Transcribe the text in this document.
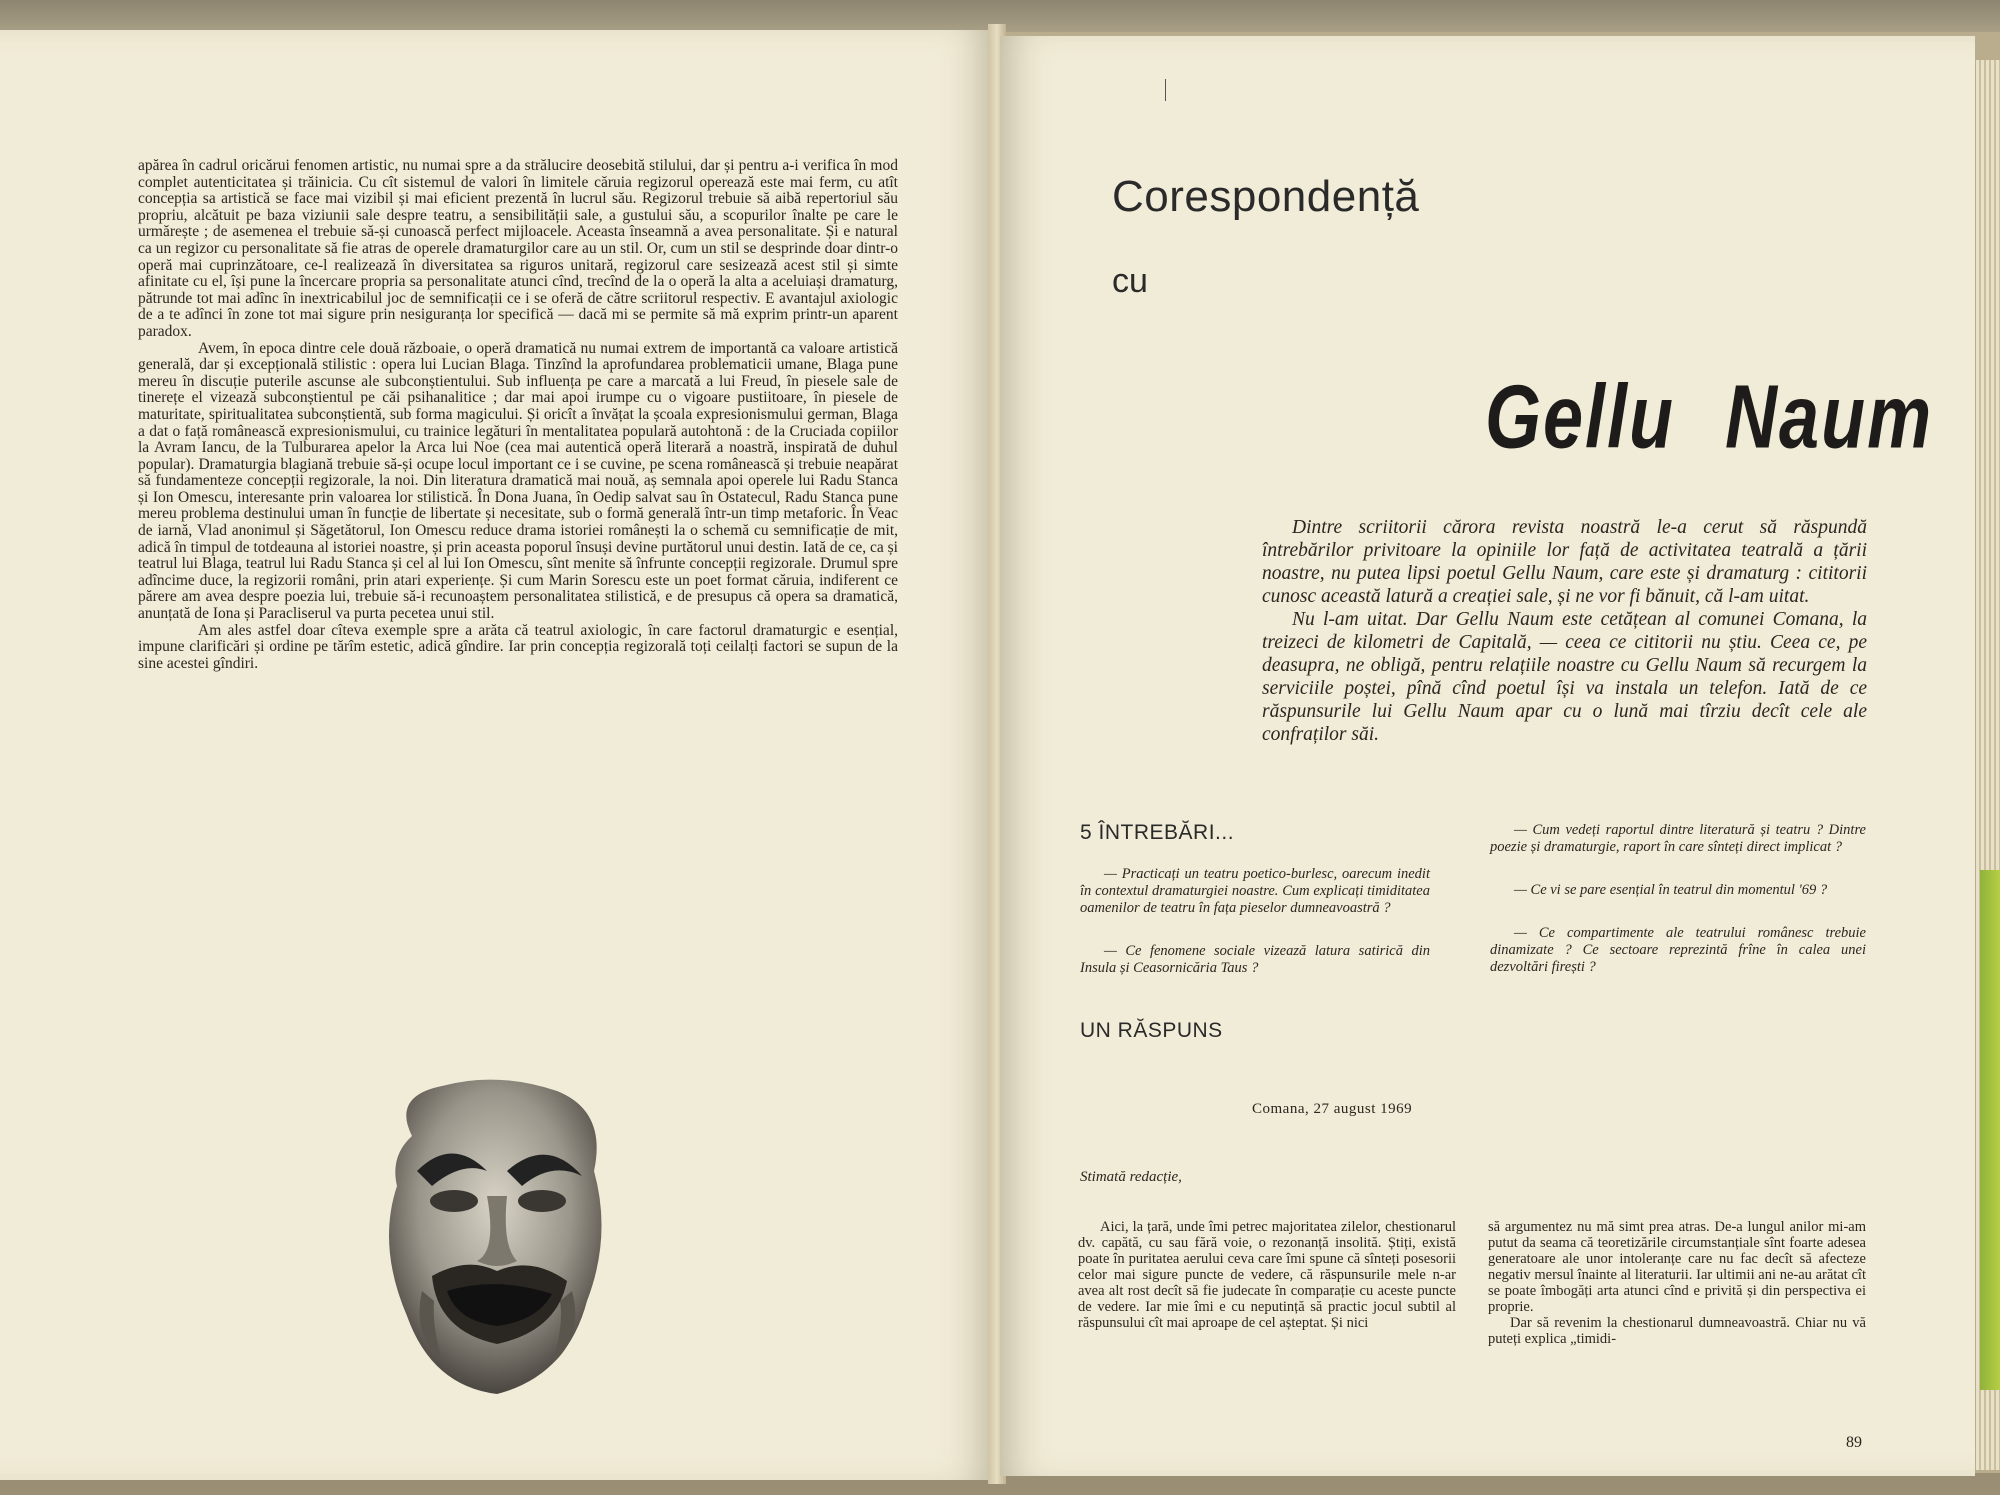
apărea în cadrul oricărui fenomen artistic, nu numai spre a da strălucire deosebită stilului, dar și pentru a-i verifica în mod complet autenticitatea și trăinicia. Cu cît sistemul de valori în limitele căruia regizorul operează este mai ferm, cu atît concepția sa artistică se face mai vizibil și mai eficient prezentă în lucrul său. Regizorul trebuie să aibă repertoriul său propriu, alcătuit pe baza viziunii sale despre teatru, a sensibilității sale, a gustului său, a scopurilor înalte pe care le urmărește ; de asemenea el trebuie să-și cunoască perfect mijloacele. Aceasta înseamnă a avea personalitate. Și e natural ca un regizor cu personalitate să fie atras de operele dramaturgilor care au un stil. Or, cum un stil se desprinde doar dintr-o operă mai cuprinzătoare, ce-l realizează în diversitatea sa riguros unitară, regizorul care sesizează acest stil și simte afinitate cu el, își pune la încercare propria sa personalitate atunci cînd, trecînd de la o operă la alta a aceluiași dramaturg, pătrunde tot mai adînc în inextricabilul joc de semnificații ce i se oferă de către scriitorul respectiv. E avantajul axiologic de a te adînci în zone tot mai sigure prin nesiguranța lor specifică — dacă mi se permite să mă exprim printr-un aparent paradox.

Avem, în epoca dintre cele două războaie, o operă dramatică nu numai extrem de importantă ca valoare artistică generală, dar și excepțională stilistic : opera lui Lucian Blaga. Tinzînd la aprofundarea problematicii umane, Blaga pune mereu în discuție puterile ascunse ale subconștientului. Sub influența pe care a marcată a lui Freud, în piesele sale de tinerețe el vizează subconștientul pe căi psihanalitice ; dar mai apoi irumpe cu o vigoare pustiitoare, în piesele de maturitate, spiritualitatea subconștientă, sub forma magicului. Și oricît a învățat la școala expresionismului german, Blaga a dat o față românească expresionismului, cu trainice legături în mentalitatea populară autohtonă : de la Cruciada copiilor la Avram Iancu, de la Tulburarea apelor la Arca lui Noe (cea mai autentică operă literară a noastră, inspirată de duhul popular). Dramaturgia blagiană trebuie să-și ocupe locul important ce i se cuvine, pe scena românească și trebuie neapărat să fundamenteze concepții regizorale, la noi. Din literatura dramatică mai nouă, aș semnala apoi operele lui Radu Stanca și Ion Omescu, interesante prin valoarea lor stilistică. În Dona Juana, în Oedip salvat sau în Ostatecul, Radu Stanca pune mereu problema destinului uman în funcție de libertate și necesitate, sub o formă generală într-un timp metaforic. În Veac de iarnă, Vlad anonimul și Săgetătorul, Ion Omescu reduce drama istoriei românești la o schemă cu semnificație de mit, adică în timpul de totdeauna al istoriei noastre, și prin aceasta poporul însuși devine purtătorul unui destin. Iată de ce, ca și teatrul lui Blaga, teatrul lui Radu Stanca și cel al lui Ion Omescu, sînt menite să înfrunte concepții regizorale. Drumul spre adîncime duce, la regizorii români, prin atari experiențe. Și cum Marin Sorescu este un poet format căruia, indiferent ce părere am avea despre poezia lui, trebuie să-i recunoaștem personalitatea stilistică, e de presupus că opera sa dramatică, anunțată de Iona și Paracliserul va purta pecetea unui stil.

Am ales astfel doar cîteva exemple spre a arăta că teatrul axiologic, în care factorul dramaturgic e esențial, impune clarificări și ordine pe tărîm estetic, adică gîndire. Iar prin concepția regizorală toți ceilalți factori se supun de la sine acestei gîndiri.

Corespondență
cu
Gellu Naum

Dintre scriitorii cărora revista noastră le-a cerut să răspundă întrebărilor privitoare la opiniile lor față de activitatea teatrală a țării noastre, nu putea lipsi poetul Gellu Naum, care este și dramaturg : cititorii cunosc această latură a creației sale, și ne vor fi bănuit, că l-am uitat.

Nu l-am uitat. Dar Gellu Naum este cetățean al comunei Comana, la treizeci de kilometri de Capitală, — ceea ce cititorii nu știu. Ceea ce, pe deasupra, ne obligă, pentru relațiile noastre cu Gellu Naum să recurgem la serviciile poștei, pînă cînd poetul își va instala un telefon. Iată de ce răspunsurile lui Gellu Naum apar cu o lună mai tîrziu decît cele ale confraților săi.

5 ÎNTREBĂRI...

— Practicați un teatru poetico-burlesc, oarecum inedit în contextul dramaturgiei noastre. Cum explicați timiditatea oamenilor de teatru în fața pieselor dumneavoastră ?

— Ce fenomene sociale vizează latura satirică din Insula și Ceasornicăria Taus ?

— Cum vedeți raportul dintre literatură și teatru ? Dintre poezie și dramaturgie, raport în care sînteți direct implicat ?

— Ce vi se pare esențial în teatrul din momentul '69 ?

— Ce compartimente ale teatrului românesc trebuie dinamizate ? Ce sectoare reprezintă frîne în calea unei dezvoltări firești ?

UN RĂSPUNS
Comana, 27 august 1969
Stimată redacție,

Aici, la țară, unde îmi petrec majoritatea zilelor, chestionarul dv. capătă, cu sau fără voie, o rezonanță insolită. Știți, există poate în puritatea aerului ceva care îmi spune că sînteți posesorii celor mai sigure puncte de vedere, că răspunsurile mele n-ar avea alt rost decît să fie judecate în comparație cu aceste puncte de vedere. Iar mie îmi e cu neputință să practic jocul subtil al răspunsului cît mai aproape de cel așteptat. Și nici

să argumentez nu mă simt prea atras. De-a lungul anilor mi-am putut da seama că teoretizările circumstanțiale sînt foarte adesea generatoare ale unor intoleranțe care nu fac decît să afecteze negativ mersul înainte al literaturii. Iar ultimii ani ne-au arătat cît se poate îmbogăți arta atunci cînd e privită și din perspectiva ei proprie.

Dar să revenim la chestionarul dumneavoastră. Chiar nu vă puteți explica „timidi-

89
